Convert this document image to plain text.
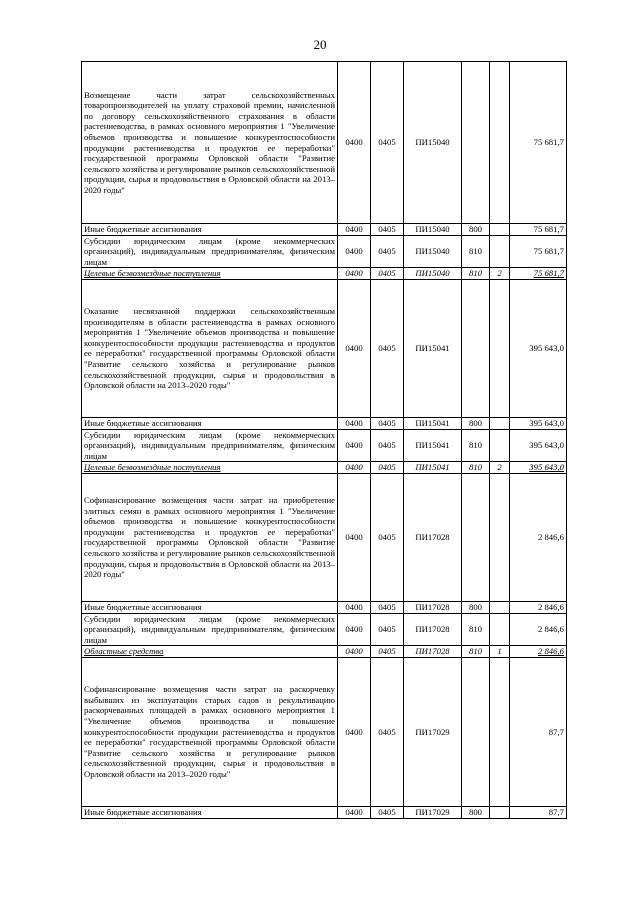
20
Возмещение части затрат сельскохозяйственных товаропроизводителей на уплату страховой премии, начисленной по договору сельскохозяйственного страхования в области растениеводства, в рамках основного мероприятия 1 "Увеличение объемов производства и повышение конкурентоспособности продукции растениеводства и продуктов ее переработки" государственной программы Орловской области "Развитие сельского хозяйства и регулирование рынков сельскохозяйственной продукции, сырья и продовольствия в Орловской области на 2013–2020 годы"	0400	0405	ПИ15040			75 681,7
Иные бюджетные ассигнования	0400	0405	ПИ15040	800		75 681,7
Субсидии юридическим лицам (кроме некоммерческих организаций), индивидуальным предпринимателям, физическим лицам	0400	0405	ПИ15040	810		75 681,7
Целевые безвозмездные поступления	0400	0405	ПИ15040	810	2	75 681,7
Оказание несвязанной поддержки сельскохозяйственным производителям в области растениеводства в рамках основного мероприятия 1 "Увеличение объемов производства и повышение конкурентоспособности продукции растениеводства и продуктов ее переработки" государственной программы Орловской области "Развитие сельского хозяйства и регулирование рынков сельскохозяйственной продукции, сырья и продовольствия в Орловской области на 2013–2020 годы"	0400	0405	ПИ15041			395 643,0
Иные бюджетные ассигнования	0400	0405	ПИ15041	800		395 643,0
Субсидии юридическим лицам (кроме некоммерческих организаций), индивидуальным предпринимателям, физическим лицам	0400	0405	ПИ15041	810		395 643,0
Целевые безвозмездные поступления	0400	0405	ПИ15041	810	2	395 643,0
Софинансирование возмещения части затрат на приобретение элитных семян в рамках основного мероприятия 1 "Увеличение объемов производства и повышение конкурентоспособности продукции растениеводства и продуктов ее переработки" государственной программы Орловской области "Развитие сельского хозяйства и регулирование рынков сельскохозяйственной продукции, сырья и продовольствия в Орловской области на 2013–2020 годы"	0400	0405	ПИ17028			2 846,6
Иные бюджетные ассигнования	0400	0405	ПИ17028	800		2 846,6
Субсидии юридическим лицам (кроме некоммерческих организаций), индивидуальным предпринимателям, физическим лицам	0400	0405	ПИ17028	810		2 846,6
Областные средства	0400	0405	ПИ17028	810	1	2 846,6
Софинансирование возмещения части затрат на раскорчевку выбывших из эксплуатации старых садов и рекультивацию раскорчеванных площадей в рамках основного мероприятия 1 "Увеличение объемов производства и повышение конкурентоспособности продукции растениеводства и продуктов ее переработки" государственной программы Орловской области "Развитие сельского хозяйства и регулирование рынков сельскохозяйственной продукции, сырья и продовольствия в Орловской области на 2013–2020 годы"	0400	0405	ПИ17029			87,7
Иные бюджетные ассигнования	0400	0405	ПИ17029	800		87,7
